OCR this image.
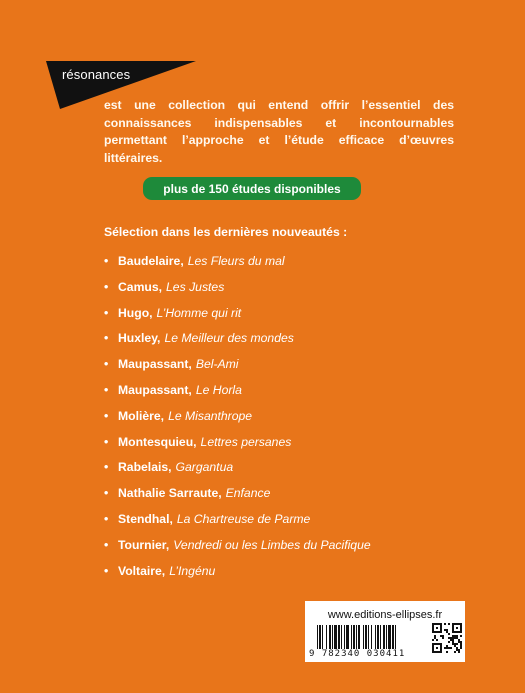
résonances
est une collection qui entend offrir l’essentiel des connaissances indispensables et incontournables permettant l’approche et l’étude efficace d’œuvres littéraires.
plus de 150 études disponibles
Sélection dans les dernières nouveautés :
• Baudelaire, Les Fleurs du mal
• Camus, Les Justes
• Hugo, L’Homme qui rit
• Huxley, Le Meilleur des mondes
• Maupassant, Bel-Ami
• Maupassant, Le Horla
• Molière, Le Misanthrope
• Montesquieu, Lettres persanes
• Rabelais, Gargantua
• Nathalie Sarraute, Enfance
• Stendhal, La Chartreuse de Parme
• Tournier, Vendredi ou les Limbes du Pacifique
• Voltaire, L’Ingénu
www.editions-ellipses.fr
9 782340 030411
